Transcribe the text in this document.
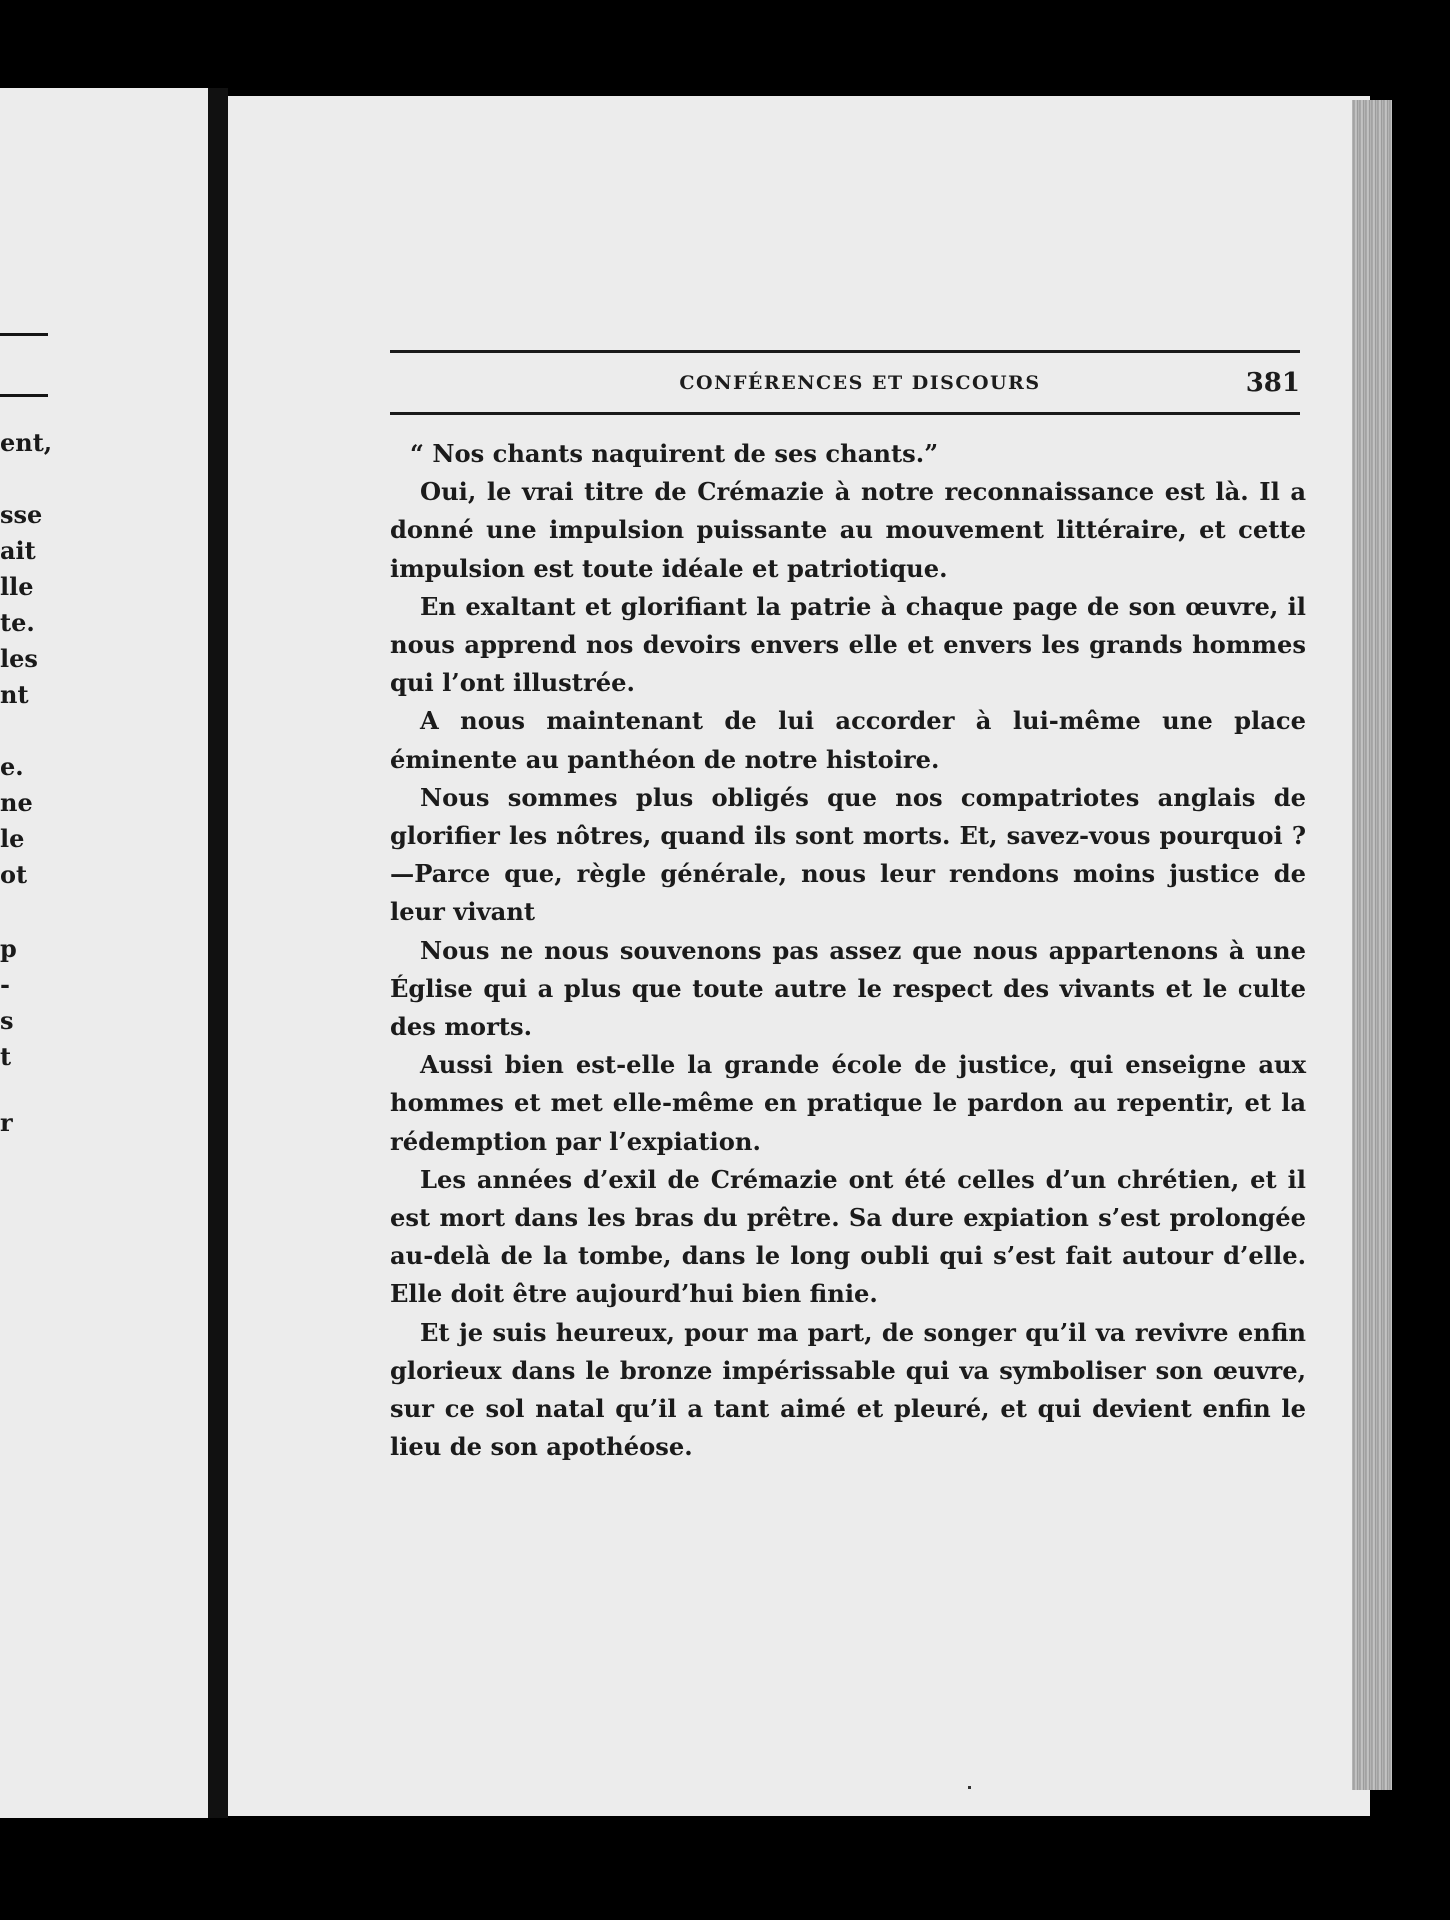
ent,
sse
ait
lle
te.
les
nt
e.
ne
le
ot
p
-
s
t
r
CONFÉRENCES ET DISCOURS	381

“ Nos chants naquirent de ses chants.”

Oui, le vrai titre de Crémazie à notre reconnaissance est là. Il a donné une impulsion puissante au mouvement littéraire, et cette impulsion est toute idéale et patriotique.

En exaltant et glorifiant la patrie à chaque page de son œuvre, il nous apprend nos devoirs envers elle et envers les grands hommes qui l’ont illustrée.

A nous maintenant de lui accorder à lui-même une place éminente au panthéon de notre histoire.

Nous sommes plus obligés que nos compatriotes anglais de glorifier les nôtres, quand ils sont morts. Et, savez-vous pourquoi ?—Parce que, règle générale, nous leur rendons moins justice de leur vivant

Nous ne nous souvenons pas assez que nous appartenons à une Église qui a plus que toute autre le respect des vivants et le culte des morts.

Aussi bien est-elle la grande école de justice, qui enseigne aux hommes et met elle-même en pratique le pardon au repentir, et la rédemption par l’expiation.

Les années d’exil de Crémazie ont été celles d’un chrétien, et il est mort dans les bras du prêtre. Sa dure expiation s’est prolongée au-delà de la tombe, dans le long oubli qui s’est fait autour d’elle. Elle doit être aujourd’hui bien finie.

Et je suis heureux, pour ma part, de songer qu’il va revivre enfin glorieux dans le bronze impérissable qui va symboliser son œuvre, sur ce sol natal qu’il a tant aimé et pleuré, et qui devient enfin le lieu de son apothéose.
